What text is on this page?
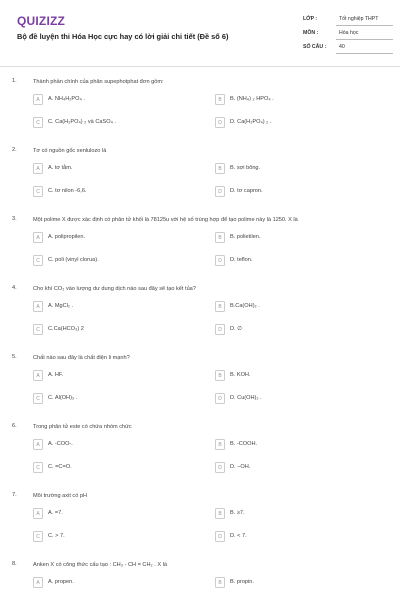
QUIZIZZ
Bộ đề luyện thi Hóa Học cực hay có lời giải chi tiết (Đề số 6)
LỚP :	Tốt nghiệp THPT
MÔN :	Hóa học
SỐ CÂU : 40
1.	Thành phần chính của phân supephotphat đơn gồm:
A	A. NH₄H₂PO₄ .	B	B. (NH₄) ₂ HPO₄ .
C	C. Ca(H₂PO₄) ₂ và CaSO₄ .	D	D. Ca(H₂PO₄) ₂ .
2.	Tơ có nguồn gốc xenlulozo là
A	A. tơ tằm.	B	B. sợi bông.
C	C. tơ nilon -6,6.	D	D. tơ capron.
3.	Một polime X được xác định có phân tử khối là 78125u với hệ số trùng hợp để tạo polime này là 1250. X là
A	A. polipropilen.	B	B. polietilen.
C	C. poli (vinyl clorua).	D	D. teflon.
4.	Cho khí CO₂ vào lượng dư dung dịch nào sau đây sẽ tạo kết tủa?
A	A. MgCl₂ .	B	B.Ca(OH)₂ .
C	C.Ca(HCO₃) 2	D	D. ∅
5.	Chất nào sau đây là chất điện li mạnh?
A	A. HF.	B	B. KOH.
C	C. Al(OH)₃ .	D	D. Cu(OH)₂ .
6.	Trong phân tử este có chứa nhóm chức
A	A. -COO-.	B	B. -COOH.
C	C. =C=O.	D	D. −OH.
7.	Môi trường axit có pH
A	A. =7.	B	B. ≥7.
C	C. > 7.	D	D. < 7.
8.	Anken X có công thức cấu tạo : CH₃ - CH = CH₂ . X là
A	A. propen.	B	B. propin.
